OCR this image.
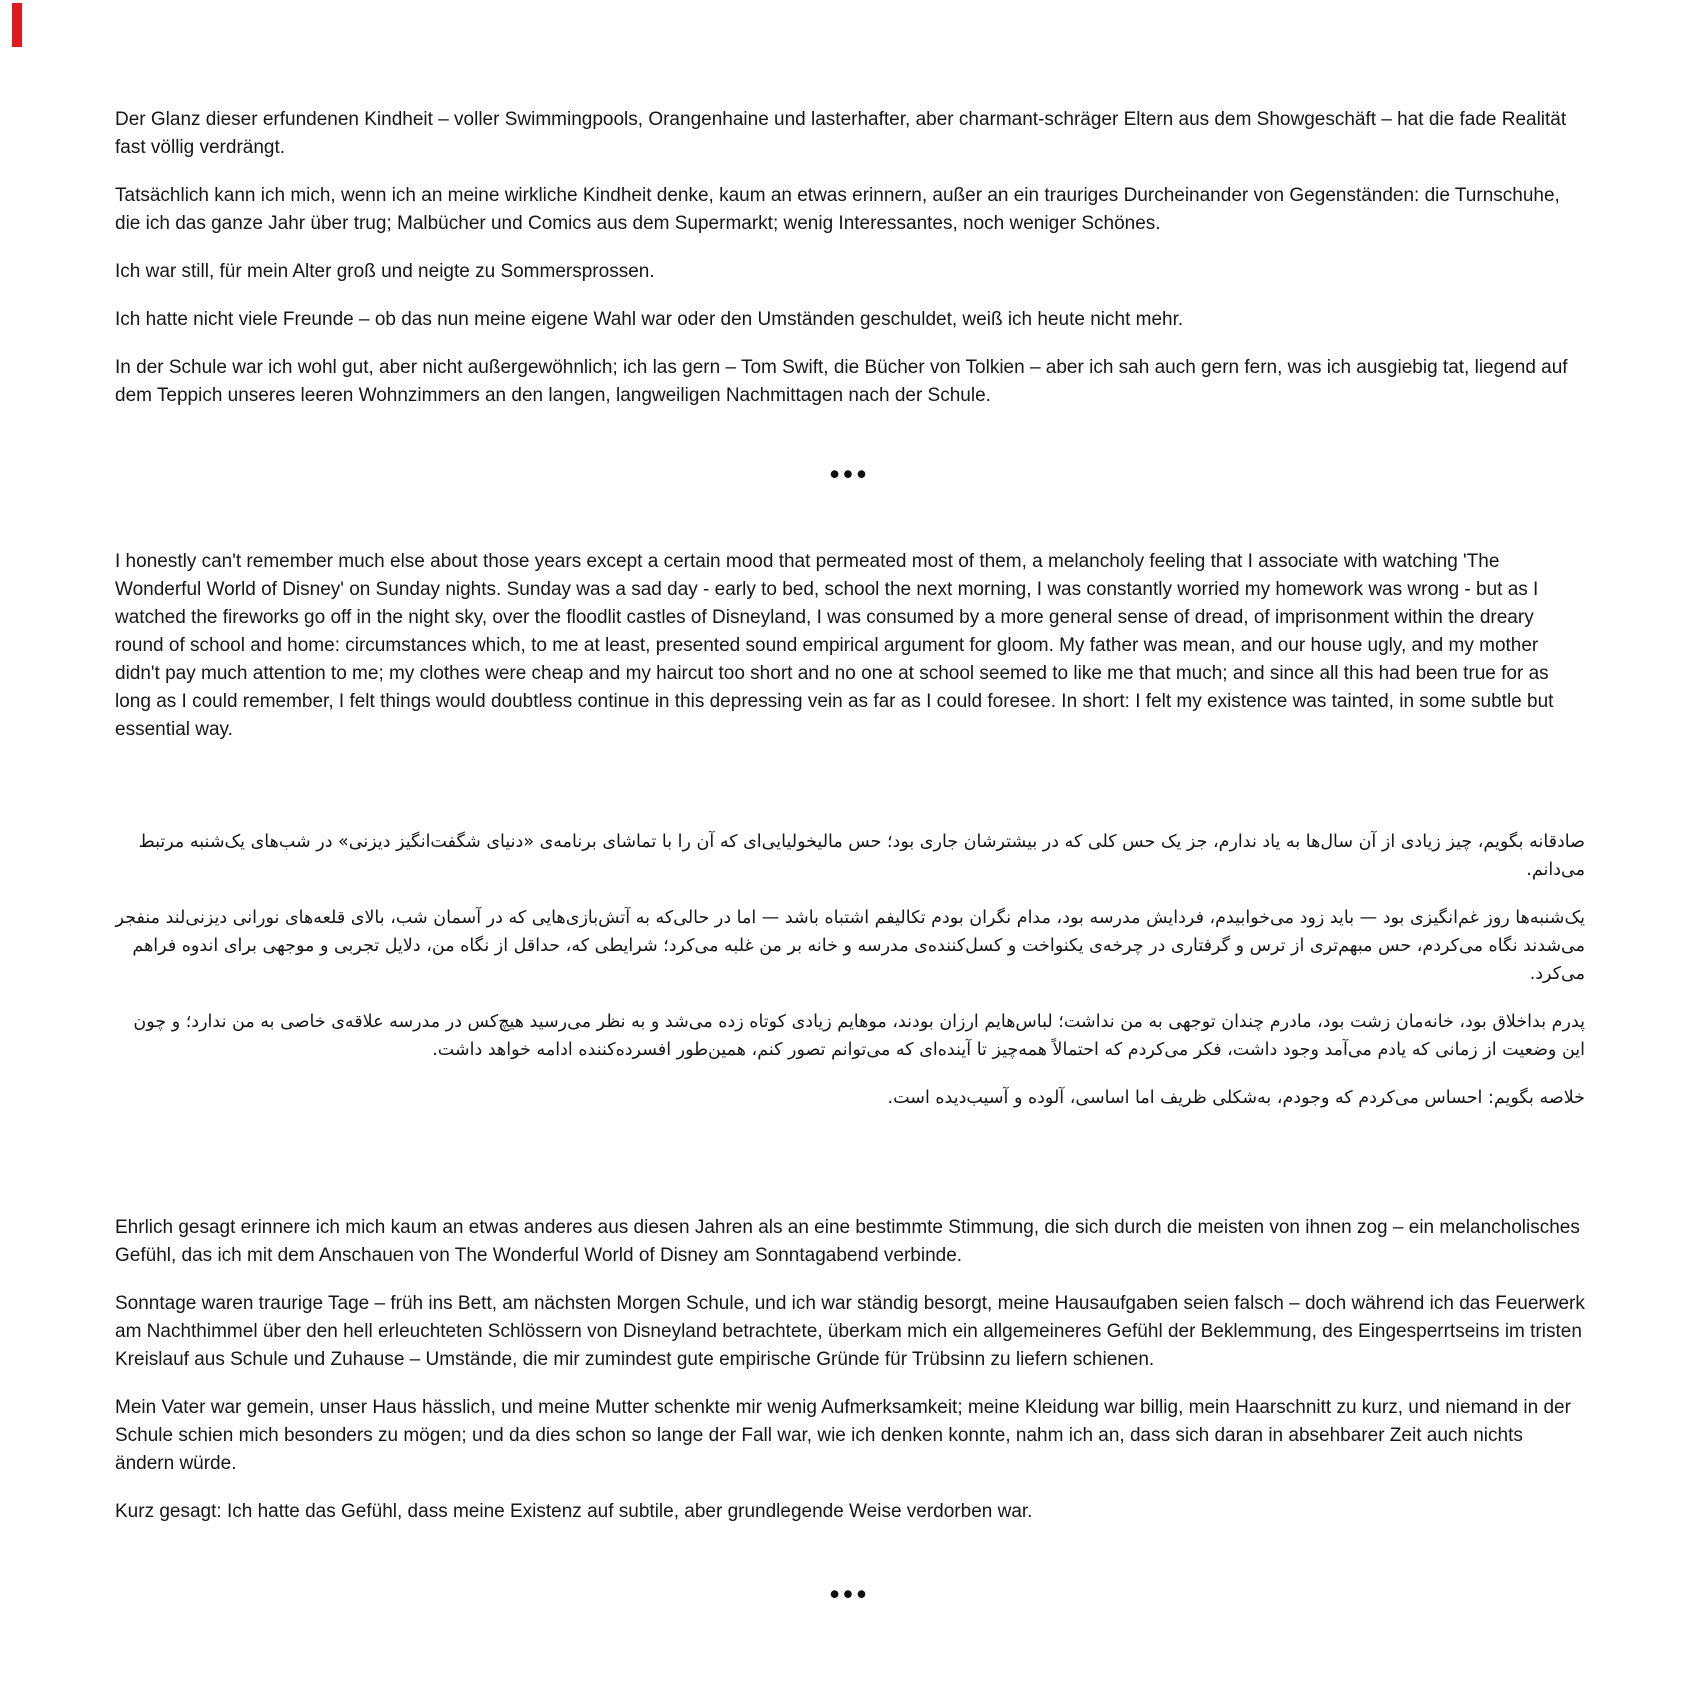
Der Glanz dieser erfundenen Kindheit – voller Swimmingpools, Orangenhaine und lasterhafter, aber charmant-schräger Eltern aus dem Showgeschäft – hat die fade Realität fast völlig verdrängt.

Tatsächlich kann ich mich, wenn ich an meine wirkliche Kindheit denke, kaum an etwas erinnern, außer an ein trauriges Durcheinander von Gegenständen: die Turnschuhe, die ich das ganze Jahr über trug; Malbücher und Comics aus dem Supermarkt; wenig Interessantes, noch weniger Schönes.

Ich war still, für mein Alter groß und neigte zu Sommersprossen.

Ich hatte nicht viele Freunde – ob das nun meine eigene Wahl war oder den Umständen geschuldet, weiß ich heute nicht mehr.

In der Schule war ich wohl gut, aber nicht außergewöhnlich; ich las gern – Tom Swift, die Bücher von Tolkien – aber ich sah auch gern fern, was ich ausgiebig tat, liegend auf dem Teppich unseres leeren Wohnzimmers an den langen, langweiligen Nachmittagen nach der Schule.

•••

I honestly can't remember much else about those years except a certain mood that permeated most of them, a melancholy feeling that I associate with watching 'The Wonderful World of Disney' on Sunday nights. Sunday was a sad day - early to bed, school the next morning, I was constantly worried my homework was wrong - but as I watched the fireworks go off in the night sky, over the floodlit castles of Disneyland, I was consumed by a more general sense of dread, of imprisonment within the dreary round of school and home: circumstances which, to me at least, presented sound empirical argument for gloom. My father was mean, and our house ugly, and my mother didn't pay much attention to me; my clothes were cheap and my haircut too short and no one at school seemed to like me that much; and since all this had been true for as long as I could remember, I felt things would doubtless continue in this depressing vein as far as I could foresee. In short: I felt my existence was tainted, in some subtle but essential way.

صادقانه بگویم، چیز زیادی از آن سال‌ها به یاد ندارم، جز یک حس کلی که در بیشترشان جاری بود؛ حس مالیخولیایی‌ای که آن را با تماشای برنامه‌ی «دنیای شگفت‌انگیز دیزنی» در شب‌های یک‌شنبه مرتبط می‌دانم.

یک‌شنبه‌ها روز غم‌انگیزی بود — باید زود می‌خوابیدم، فردایش مدرسه بود، مدام نگران بودم تکالیفم اشتباه باشد — اما در حالی‌که به آتش‌بازی‌هایی که در آسمان شب، بالای قلعه‌های نورانی دیزنی‌لند منفجر می‌شدند نگاه می‌کردم، حس مبهم‌تری از ترس و گرفتاری در چرخه‌ی یکنواخت و کسل‌کننده‌ی مدرسه و خانه بر من غلبه می‌کرد؛ شرایطی که، حداقل از نگاه من، دلایل تجربی و موجهی برای اندوه فراهم می‌کرد.

پدرم بداخلاق بود، خانه‌مان زشت بود، مادرم چندان توجهی به من نداشت؛ لباس‌هایم ارزان بودند، موهایم زیادی کوتاه زده می‌شد و به نظر می‌رسید هیچ‌کس در مدرسه علاقه‌ی خاصی به من ندارد؛ و چون این وضعیت از زمانی که یادم می‌آمد وجود داشت، فکر می‌کردم که احتمالاً همه‌چیز تا آینده‌ای که می‌توانم تصور کنم، همین‌طور افسرده‌کننده ادامه خواهد داشت.

خلاصه بگویم: احساس می‌کردم که وجودم، به‌شکلی ظریف اما اساسی، آلوده و آسیب‌دیده است.

Ehrlich gesagt erinnere ich mich kaum an etwas anderes aus diesen Jahren als an eine bestimmte Stimmung, die sich durch die meisten von ihnen zog – ein melancholisches Gefühl, das ich mit dem Anschauen von The Wonderful World of Disney am Sonntagabend verbinde.

Sonntage waren traurige Tage – früh ins Bett, am nächsten Morgen Schule, und ich war ständig besorgt, meine Hausaufgaben seien falsch – doch während ich das Feuerwerk am Nachthimmel über den hell erleuchteten Schlössern von Disneyland betrachtete, überkam mich ein allgemeineres Gefühl der Beklemmung, des Eingesperrtseins im tristen Kreislauf aus Schule und Zuhause – Umstände, die mir zumindest gute empirische Gründe für Trübsinn zu liefern schienen.

Mein Vater war gemein, unser Haus hässlich, und meine Mutter schenkte mir wenig Aufmerksamkeit; meine Kleidung war billig, mein Haarschnitt zu kurz, und niemand in der Schule schien mich besonders zu mögen; und da dies schon so lange der Fall war, wie ich denken konnte, nahm ich an, dass sich daran in absehbarer Zeit auch nichts ändern würde.

Kurz gesagt: Ich hatte das Gefühl, dass meine Existenz auf subtile, aber grundlegende Weise verdorben war.

•••
